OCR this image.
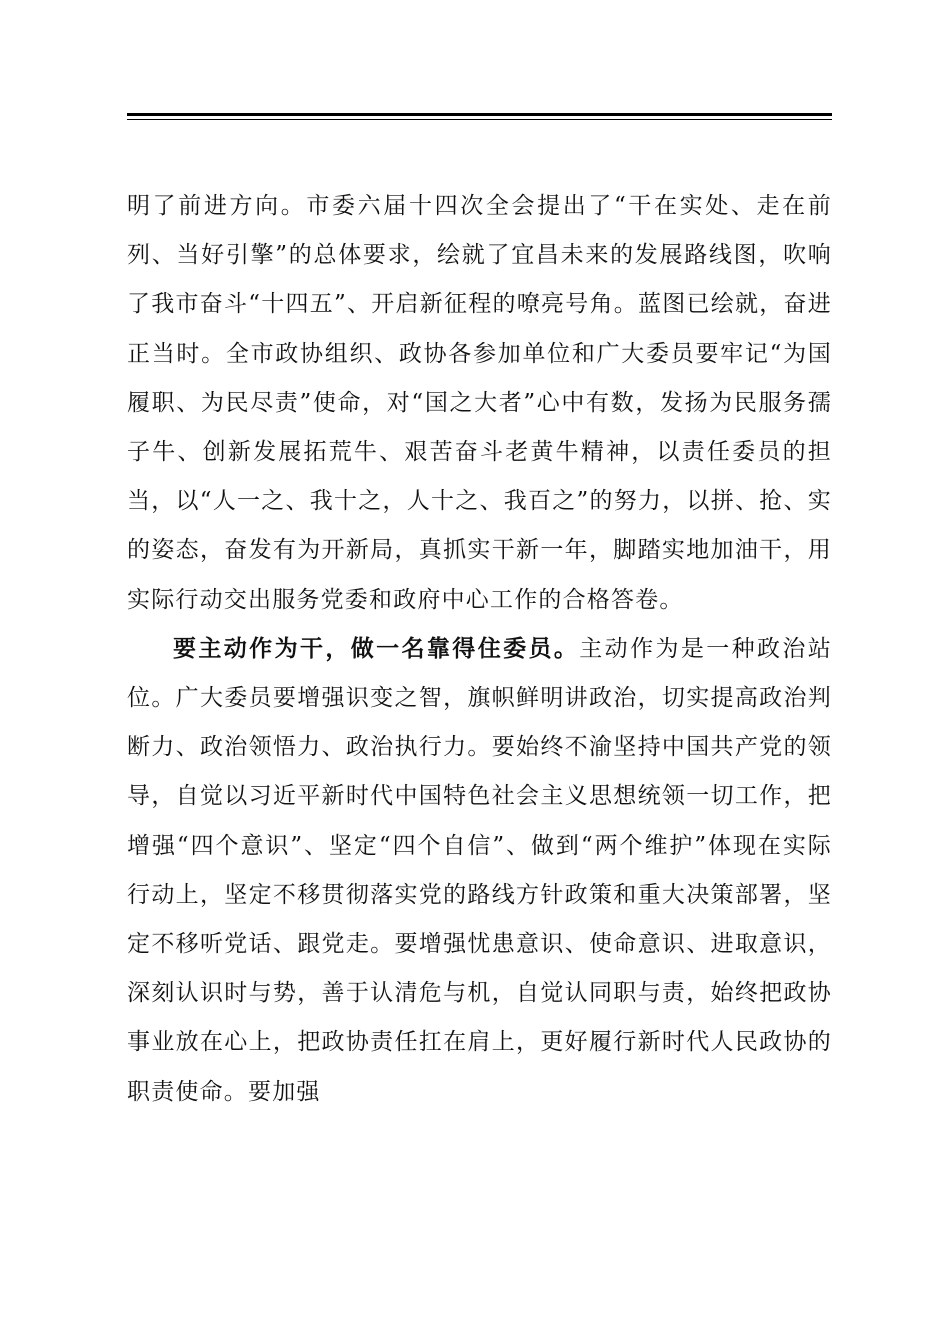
明了前进方向。市委六届十四次全会提出了“干在实处、走在前列、当好引擎”的总体要求，绘就了宜昌未来的发展路线图，吹响了我市奋斗“十四五”、开启新征程的嘹亮号角。蓝图已绘就，奋进正当时。全市政协组织、政协各参加单位和广大委员要牢记“为国履职、为民尽责”使命，对“国之大者”心中有数，发扬为民服务孺子牛、创新发展拓荒牛、艰苦奋斗老黄牛精神，以责任委员的担当，以“人一之、我十之，人十之、我百之”的努力，以拼、抢、实的姿态，奋发有为开新局，真抓实干新一年，脚踏实地加油干，用实际行动交出服务党委和政府中心工作的合格答卷。

要主动作为干，做一名靠得住委员。主动作为是一种政治站位。广大委员要增强识变之智，旗帜鲜明讲政治，切实提高政治判断力、政治领悟力、政治执行力。要始终不渝坚持中国共产党的领导，自觉以习近平新时代中国特色社会主义思想统领一切工作，把增强“四个意识”、坚定“四个自信”、做到“两个维护”体现在实际行动上，坚定不移贯彻落实党的路线方针政策和重大决策部署，坚定不移听党话、跟党走。要增强忧患意识、使命意识、进取意识，深刻认识时与势，善于认清危与机，自觉认同职与责，始终把政协事业放在心上，把政协责任扛在肩上，更好履行新时代人民政协的职责使命。要加强
